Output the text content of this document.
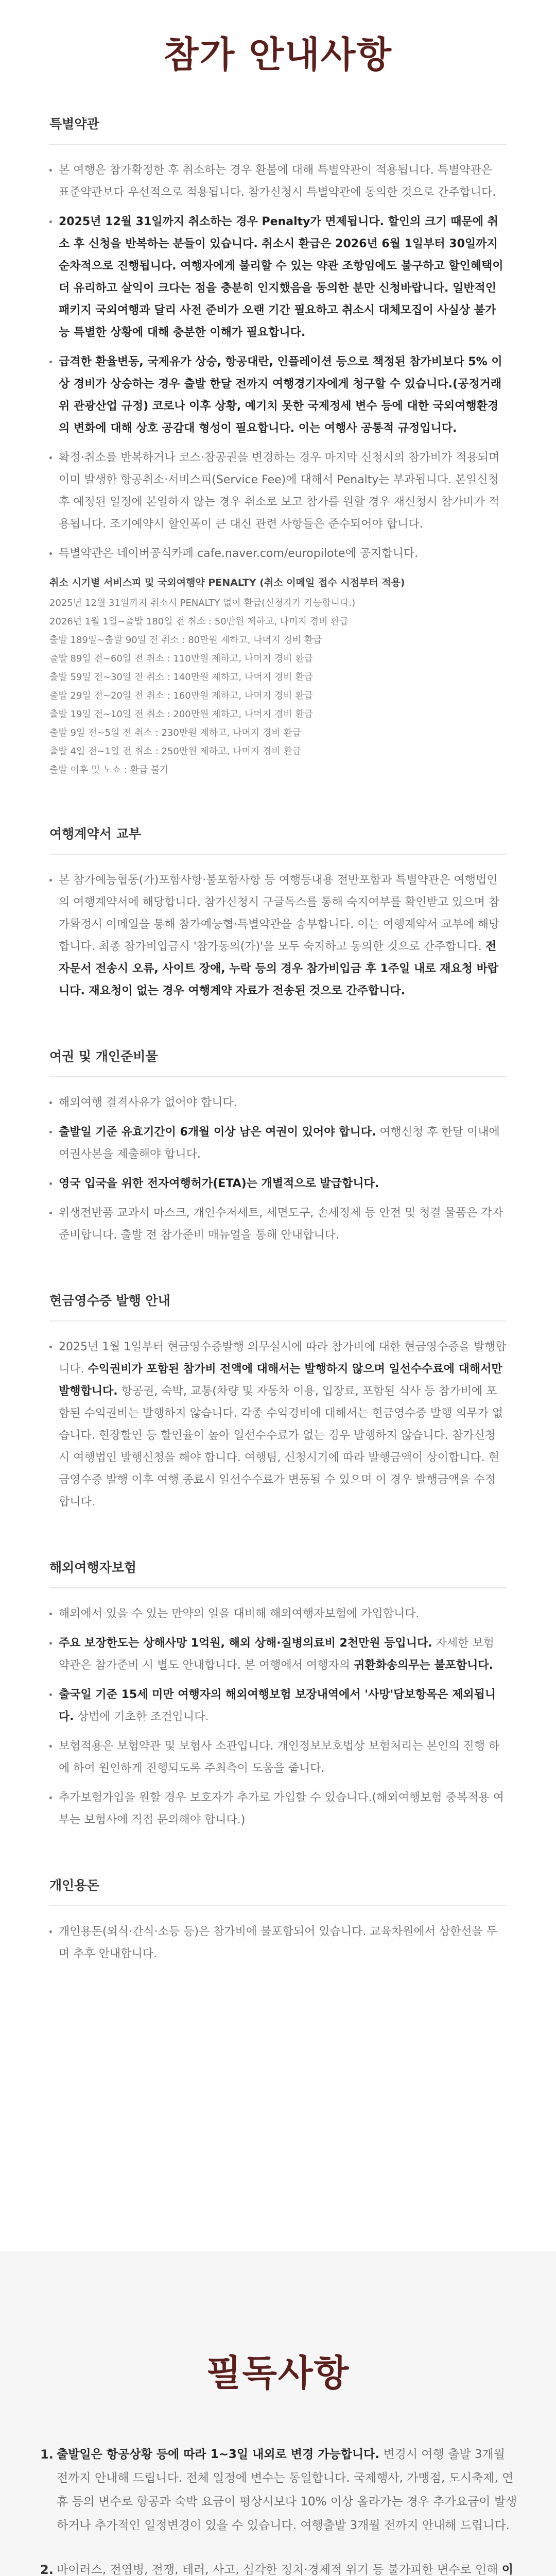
참가 안내사항
특별약관
본 여행은 참가확정한 후 취소하는 경우 환불에 대해 특별약관이 적용됩니다. 특별약관은 표준약관보다 우선적으로 적용됩니다. 참가신청시 특별약관에 동의한 것으로 간주합니다.
2025년 12월 31일까지 취소하는 경우 Penalty가 면제됩니다. 할인의 크기 때문에 취소 후 신청을 반복하는 분들이 있습니다. 취소시 환급은 2026년 6월 1일부터 30일까지 순차적으로 진행됩니다. 여행자에게 불리할 수 있는 약관 조항임에도 불구하고 할인혜택이 더 유리하고 살익이 크다는 점을 충분히 인지했음을 동의한 분만 신청바랍니다. 일반적인 패키지 국외여행과 달리 사전 준비가 오랜 기간 필요하고 취소시 대체모집이 사실상 불가능 특별한 상황에 대해 충분한 이해가 필요합니다.
급격한 환율변동, 국제유가 상승, 항공대란, 인플레이션 등으로 책정된 참가비보다 5% 이상 경비가 상승하는 경우 출발 한달 전까지 여행경기자에게 청구할 수 있습니다.(공정거래위 관광산업 규정) 코로나 이후 상황, 예기치 못한 국제정세 변수 등에 대한 국외여행환경의 변화에 대해 상호 공감대 형성이 필요합니다. 이는 여행사 공통적 규정입니다.
확정·취소를 반복하거나 코스·참공권을 변경하는 경우 마지막 신청시의 참가비가 적용되며 이미 발생한 항공취소·서비스피(Service Fee)에 대해서 Penalty는 부과됩니다. 본일신청 후 예정된 일정에 본일하지 않는 경우 취소로 보고 참가를 원할 경우 재신청시 참가비가 적용됩니다. 조기예약시 할인폭이 큰 대신 관련 사항들은 준수되어야 합니다.
특별약관은 네이버공식카페 cafe.naver.com/europilote에 공지합니다.
취소 시기별 서비스피 및 국외여행약 PENALTY (취소 이메일 접수 시점부터 적용)
2025년 12월 31일까지 취소시 PENALTY 없이 환급(신청자가 가능합니다.)
2026년 1월 1일~출발 180일 전 취소 : 50만원 제하고, 나머지 경비 환급
출발 189일~출발 90일 전 취소 : 80만원 제하고, 나머지 경비 환급
출발 89일 전~60일 전 취소 : 110만원 제하고, 나머지 경비 환급
출발 59일 전~30일 전 취소 : 140만원 제하고, 나머지 경비 환급
출발 29일 전~20일 전 취소 : 160만원 제하고, 나머지 경비 환급
출발 19일 전~10일 전 취소 : 200만원 제하고, 나머지 경비 환급
출발 9일 전~5일 전 취소 : 230만원 제하고, 나머지 경비 환급
출발 4일 전~1일 전 취소 : 250만원 제하고, 나머지 경비 환급
출발 이후 및 노쇼 : 환급 불가
여행계약서 교부
본 참가예능협동(가)포함사항·불포함사항 등 여행등내용 전반포함과 특별약관은 여행법인의 여행계약서에 해당합니다. 참가신청시 구글독스를 통해 숙지여부를 확인받고 있으며 참가확정시 이메일을 통해 참가예능협·특별약관을 송부합니다. 이는 여행계약서 교부에 해당합니다. 최종 참가비입금시 '참가동의(가)'을 모두 숙지하고 동의한 것으로 간주합니다. 전자문서 전송시 오류, 사이트 장애, 누락 등의 경우 참가비입금 후 1주일 내로 재요청 바랍니다. 재요청이 없는 경우 여행계약 자료가 전송된 것으로 간주합니다.
여권 및 개인준비물
해외여행 결격사유가 없어야 합니다.
출발일 기준 유효기간이 6개월 이상 남은 여권이 있어야 합니다. 여행신청 후 한달 이내에 여권사본을 제출해야 합니다.
영국 입국을 위한 전자여행허가(ETA)는 개별적으로 발급합니다.
위생전반품 교과서 마스크, 개인수저세트, 세면도구, 손세정제 등 안전 및 청결 물품은 각자 준비합니다. 출발 전 참가준비 매뉴얼을 통해 안내합니다.
현금영수증 발행 안내
2025년 1월 1일부터 현금영수증발행 의무실시에 따라 참가비에 대한 현금영수증을 발행합니다. 수익권비가 포함된 참가비 전액에 대해서는 발행하지 않으며 일선수수료에 대해서만 발행합니다. 항공권, 숙박, 교통(차량 및 자동차 이용, 입장료, 포함된 식사 등 참가비에 포함된 수익권비는 발행하지 않습니다. 각종 수익경비에 대해서는 현금영수증 발행 의무가 없습니다. 현장할인 등 할인율이 높아 일선수수료가 없는 경우 발행하지 않습니다. 참가신청시 여행법인 발행신청을 해야 합니다. 여행팀, 신청시기에 따라 발행금액이 상이합니다. 현금영수증 발행 이후 여행 종료시 일선수수료가 변동될 수 있으며 이 경우 발행금액을 수정합니다.
해외여행자보험
해외에서 있을 수 있는 만약의 일을 대비해 해외여행자보험에 가입합니다.
주요 보장한도는 상해사망 1억원, 해외 상해·질병의료비 2천만원 등입니다. 자세한 보험 약관은 참가준비 시 별도 안내합니다. 본 여행에서 여행자의 귀환화송의무는 불포함니다.
출국일 기준 15세 미만 여행자의 해외여행보험 보장내역에서 '사망'담보항목은 제외됩니다. 상법에 기초한 조건입니다.
보험적용은 보험약관 및 보험사 소관입니다. 개인정보보호법상 보험처리는 본인의 진행 하에 하여 원인하게 진행되도록 주최측이 도움을 줍니다.
추가보험가입을 원할 경우 보호자가 추가로 가입할 수 있습니다.(해외여행보험 중복적용 여부는 보험사에 직접 문의해야 합니다.)
개인용돈
개인용돈(외식·간식·소등 등)은 참가비에 불포함되어 있습니다. 교육차원에서 상한선을 두며 추후 안내합니다.
필독사항
1. 출발일은 항공상황 등에 따라 1~3일 내외로 변경 가능합니다. 변경시 여행 출발 3개월 전까지 안내해 드립니다. 전체 일정에 변수는 동일합니다. 국제행사, 가맹점, 도시축제, 연휴 등의 변수로 항공과 숙박 요금이 평상시보다 10% 이상 올라가는 경우 추가요금이 발생하거나 추가적인 일정변경이 있을 수 있습니다. 여행출발 3개월 전까지 안내해 드립니다.
2. 바이러스, 전염병, 전쟁, 테러, 사고, 심각한 정치·경제적 위기 등 불가피한 변수로 인해 이
